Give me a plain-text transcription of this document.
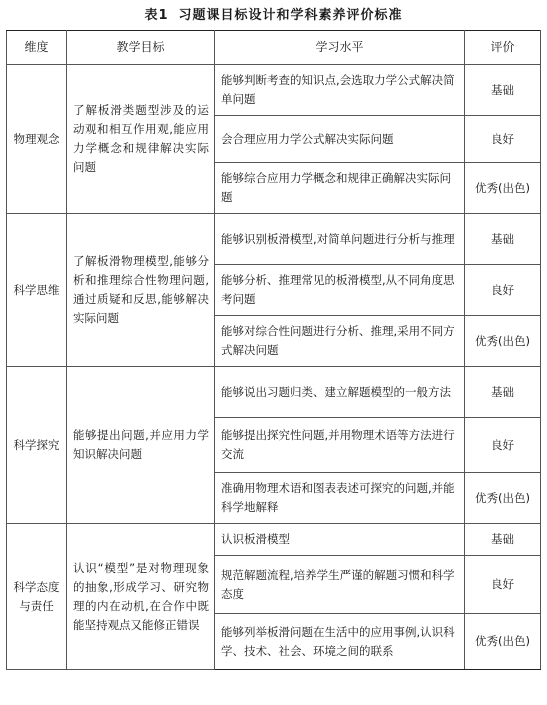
表1 习题课目标设计和学科素养评价标准
维度	教学目标	学习水平	评价
物理观念	了解板滑类题型涉及的运动观和相互作用观,能应用力学概念和规律解决实际问题	能够判断考查的知识点,会选取力学公式解决简单问题	基础
		会合理应用力学公式解决实际问题	良好
		能够综合应用力学概念和规律正确解决实际问题	优秀(出色)
科学思维	了解板滑物理模型,能够分析和推理综合性物理问题,通过质疑和反思,能够解决实际问题	能够识别板滑模型,对简单问题进行分析与推理	基础
		能够分析、推理常见的板滑模型,从不同角度思考问题	良好
		能够对综合性问题进行分析、推理,采用不同方式解决问题	优秀(出色)
科学探究	能够提出问题,并应用力学知识解决问题	能够说出习题归类、建立解题模型的一般方法	基础
		能够提出探究性问题,并用物理术语等方法进行交流	良好
		准确用物理术语和图表表述可探究的问题,并能科学地解释	优秀(出色)
科学态度与责任	认识“模型”是对物理现象的抽象,形成学习、研究物理的内在动机,在合作中既能坚持观点又能修正错误	认识板滑模型	基础
		规范解题流程,培养学生严谨的解题习惯和科学态度	良好
		能够列举板滑问题在生活中的应用事例,认识科学、技术、社会、环境之间的联系	优秀(出色)
